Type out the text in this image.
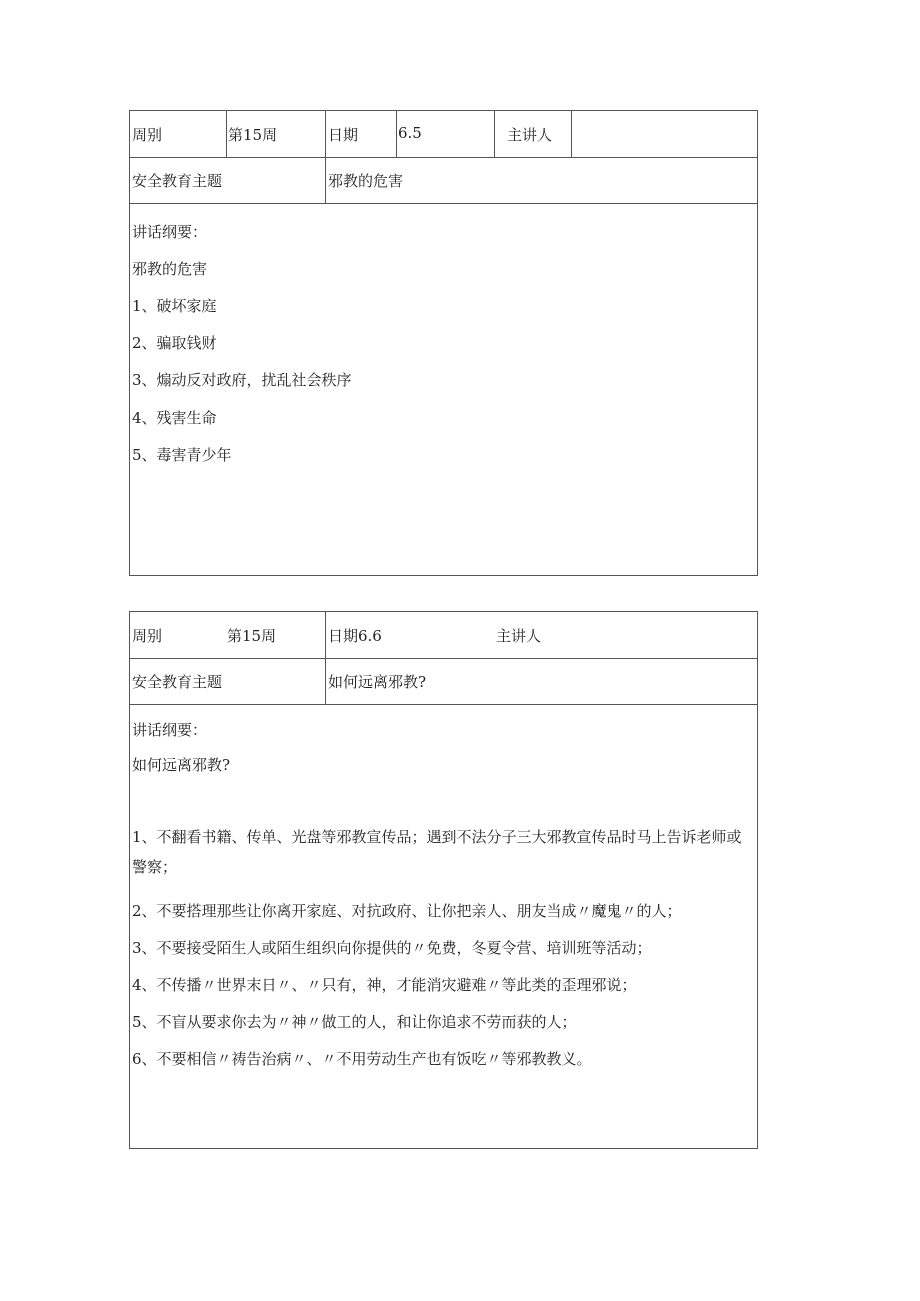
周别	第15周	日期	6.5	主讲人
安全教育主题	邪教的危害
讲话纲要：
邪教的危害
1、破坏家庭
2、骗取钱财
3、煽动反对政府，扰乱社会秩序
4、残害生命
5、毒害青少年
周别	第15周	日期6.6	主讲人
安全教育主题	如何远离邪教?
讲话纲要：
如何远离邪教?
1、不翻看书籍、传单、光盘等邪教宣传品；遇到不法分子三大邪教宣传品时马上告诉老师或警察；
2、不要搭理那些让你离开家庭、对抗政府、让你把亲人、朋友当成〃魔鬼〃的人；
3、不要接受陌生人或陌生组织向你提供的〃免费，冬夏令营、培训班等活动；
4、不传播〃世界末日〃、〃只有，神，才能消灾避难〃等此类的歪理邪说；
5、不盲从要求你去为〃神〃做工的人，和让你追求不劳而获的人；
6、不要相信〃祷告治病〃、〃不用劳动生产也有饭吃〃等邪教教义。
